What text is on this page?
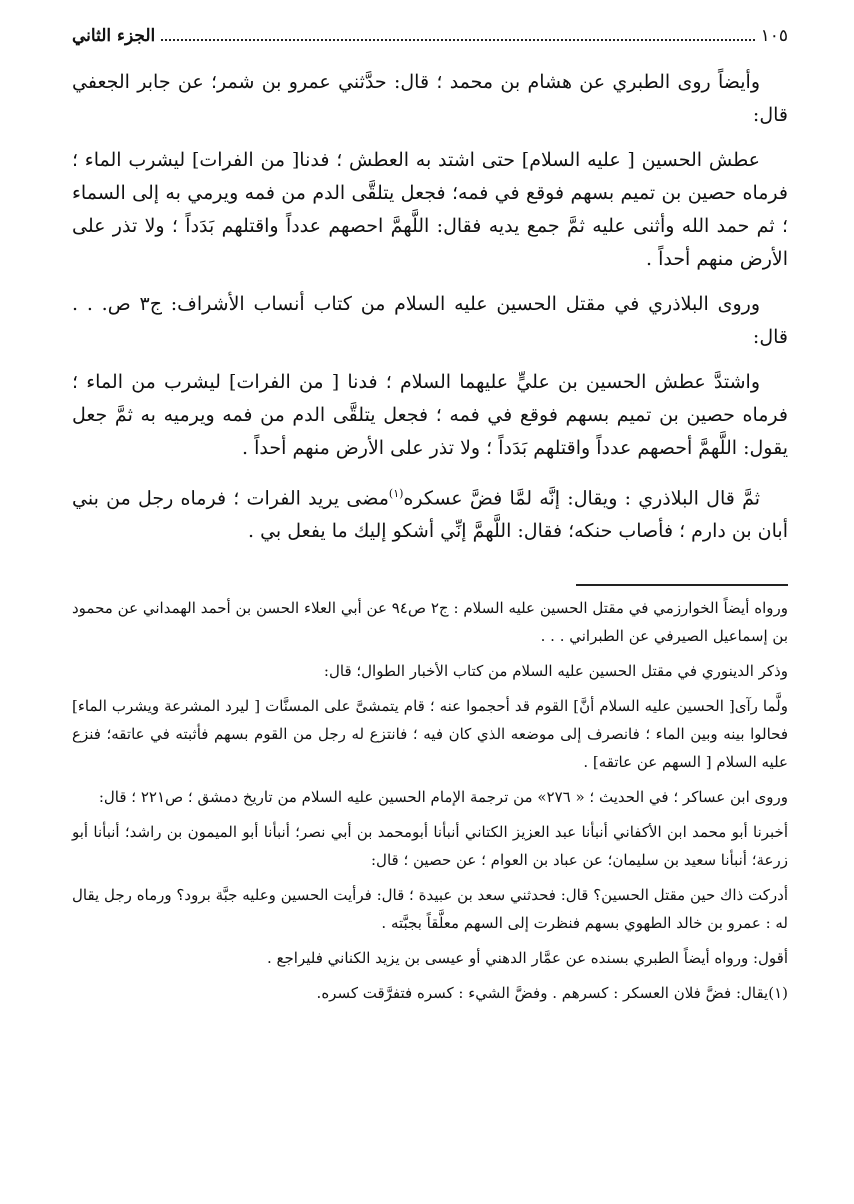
الجزء الثاني	١٠٥

وأيضاً روى الطبري عن هشام بن محمد ؛ قال: حدَّثني عمرو بن شمر؛ عن جابر الجعفي قال:

عطش الحسين [ عليه السلام] حتى اشتد به العطش ؛ فدنا[ من الفرات] ليشرب الماء ؛ فرماه حصين بن تميم بسهم فوقع في فمه؛ فجعل يتلقَّى الدم من فمه ويرمي به إلى السماء ؛ ثم حمد الله وأثنى عليه ثمَّ جمع يديه فقال: اللَّهمَّ احصهم عدداً واقتلهم بَدَداً ؛ ولا تذر على الأرض منهم أحداً .

وروى البلاذري في مقتل الحسين عليه السلام من كتاب أنساب الأشراف: ج٣ ص. . . قال:

واشتدَّ عطش الحسين بن عليٍّ عليهما السلام ؛ فدنا [ من الفرات] ليشرب من الماء ؛ فرماه حصين بن تميم بسهم فوقع في فمه ؛ فجعل يتلقَّى الدم من فمه ويرميه به ثمَّ جعل يقول: اللَّهمَّ أحصهم عدداً واقتلهم بَدَداً ؛ ولا تذر على الأرض منهم أحداً .

ثمَّ قال البلاذري : ويقال: إنَّه لمَّا فضَّ عسكره$^{(١)}$مضى يريد الفرات ؛ فرماه رجل من بني أبان بن دارم ؛ فأصاب حنكه؛ فقال: اللَّهمَّ إنِّي أشكو إليك ما يفعل بي .

ورواه أيضاً الخوارزمي في مقتل الحسين عليه السلام : ج٢ ص٩٤ عن أبي العلاء الحسن بن أحمد الهمداني عن محمود بن إسماعيل الصيرفي عن الطبراني . . .

وذكر الدينوري في مقتل الحسين عليه السلام من كتاب الأخبار الطوال؛ قال:

ولَّما رآى[ الحسين عليه السلام أنَّ] القوم قد أحجموا عنه ؛ قام يتمشىَّ على المسنَّات [ ليرد المشرعة ويشرب الماء] فحالوا بينه وبين الماء ؛ فانصرف إلى موضعه الذي كان فيه ؛ فانتزع له رجل من القوم بسهم فأثبته في عاتقه؛ فنزع عليه السلام [ السهم عن عاتقه] .

وروى ابن عساكر ؛ في الحديث ؛ « ٢٧٦» من ترجمة الإمام الحسين عليه السلام من تاريخ دمشق ؛ ص٢٢١ ؛ قال:

أخبرنا أبو محمد ابن الأكفاني أنبأنا عبد العزيز الكتاني أنبأنا أبومحمد بن أبي نصر؛ أنبأنا أبو الميمون بن راشد؛ أنبأنا أبو زرعة؛ أنبأنا سعيد بن سليمان؛ عن عباد بن العوام ؛ عن حصين ؛ قال:

أدركت ذاك حين مقتل الحسين؟ قال: فحدثني سعد بن عبيدة ؛ قال: فرأيت الحسين وعليه جبَّة برود؟ ورماه رجل يقال له : عمرو بن خالد الطهوي بسهم فنظرت إلى السهم معلَّقاً بجبَّته .

أقول: ورواه أيضاً الطبري بسنده عن عمَّار الدهني أو عيسى بن يزيد الكناني فليراجع .

(١)يقال: فضَّ فلان العسكر : كسرهم . وفضَّ الشيء : كسره فتفرَّقت كسره.
